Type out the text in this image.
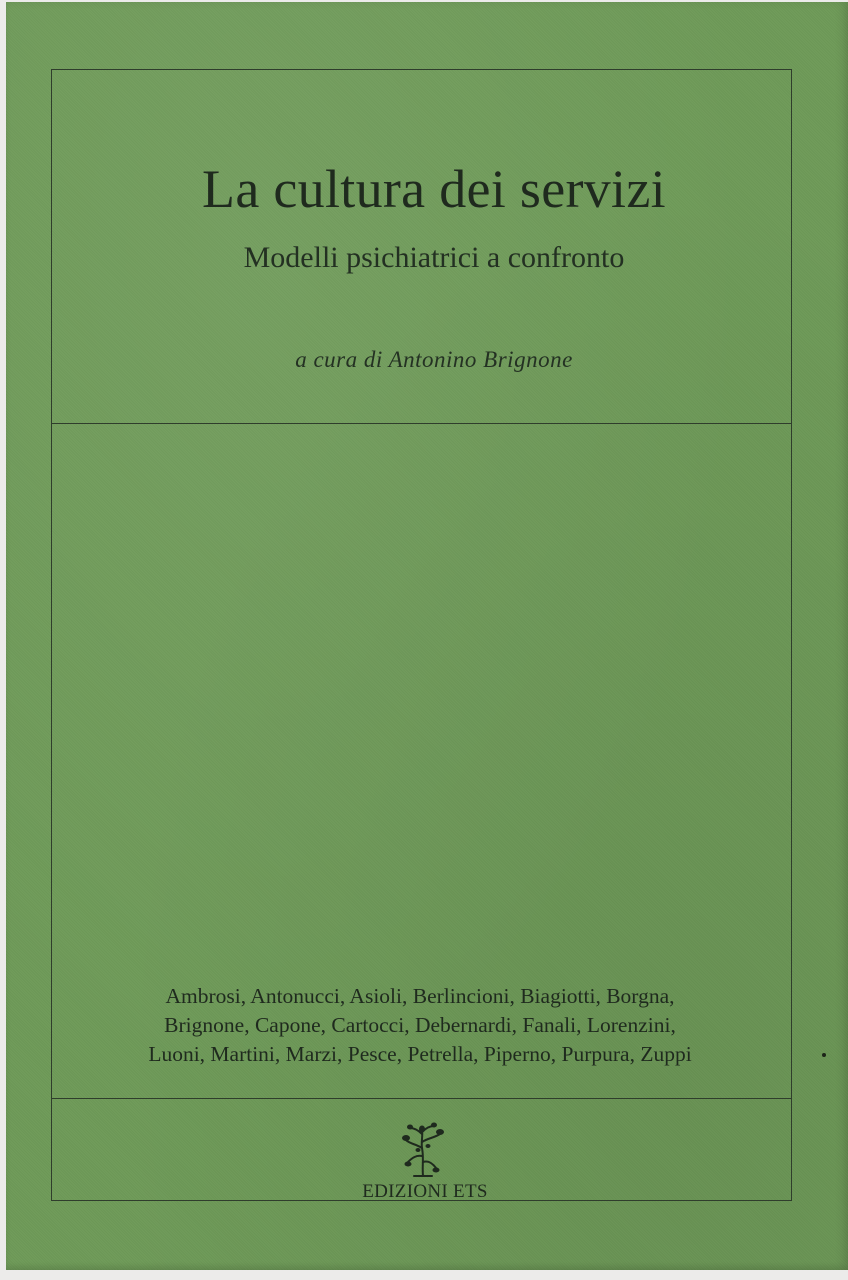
La cultura dei servizi
Modelli psichiatrici a confronto
a cura di Antonino Brignone
Ambrosi, Antonucci, Asioli, Berlincioni, Biagiotti, Borgna,
Brignone, Capone, Cartocci, Debernardi, Fanali, Lorenzini,
Luoni, Martini, Marzi, Pesce, Petrella, Piperno, Purpura, Zuppi
EDIZIONI ETS
